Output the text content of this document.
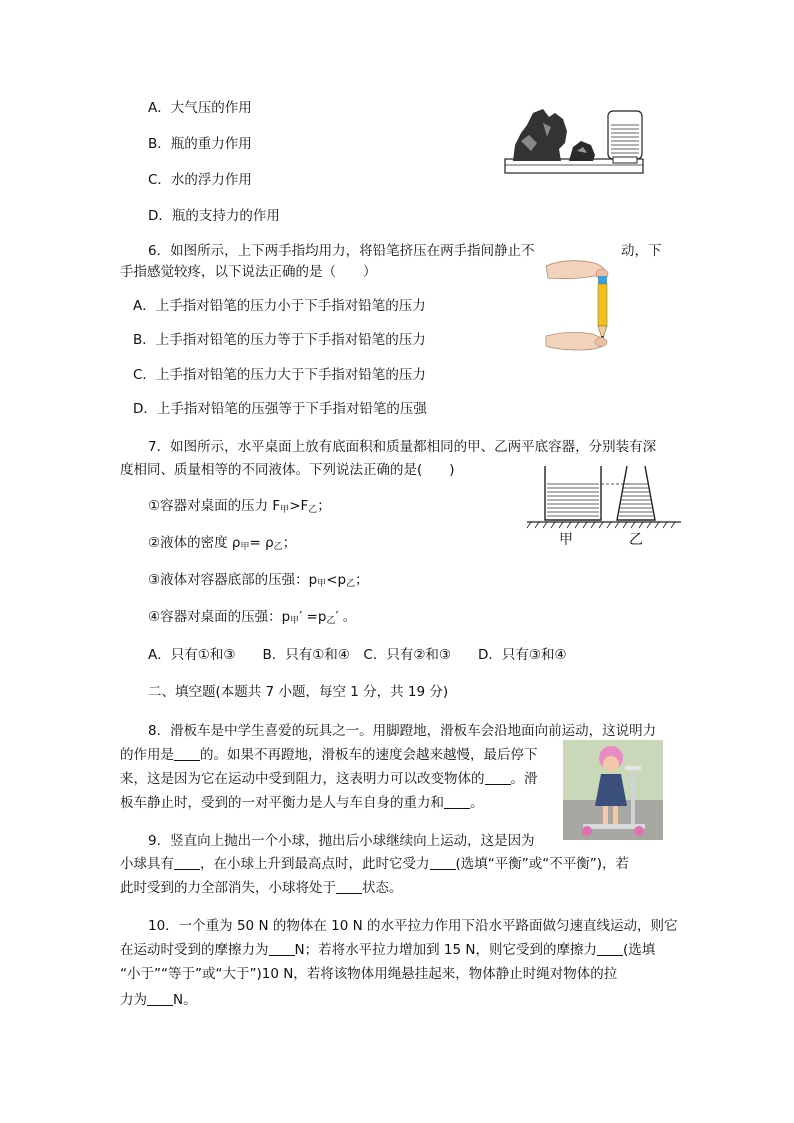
A．大气压的作用
B．瓶的重力作用
C．水的浮力作用
D．瓶的支持力的作用
6．如图所示，上下两手指均用力，将铅笔挤压在两手指间静止不	动，下
手指感觉较疼，以下说法正确的是（　　）
A．上手指对铅笔的压力小于下手指对铅笔的压力
B．上手指对铅笔的压力等于下手指对铅笔的压力
C．上手指对铅笔的压力大于下手指对铅笔的压力
D．上手指对铅笔的压强等于下手指对铅笔的压强
7．如图所示，水平桌面上放有底面积和质量都相同的甲、乙两平底容器，分别装有深
度相同、质量相等的不同液体。下列说法正确的是(　　)
①容器对桌面的压力 $F_甲>F_乙$；
②液体的密度 $\rho_甲= \rho_乙$；
③液体对容器底部的压强：$p_甲<p_乙$；
④容器对桌面的压强：$p_甲' =p_乙'$ 。
A．只有①和③　　B．只有①和④　C．只有②和③　　D．只有③和④
甲	乙
二、填空题(本题共 7 小题，每空 1 分，共 19 分)
8．滑板车是中学生喜爱的玩具之一。用脚蹬地，滑板车会沿地面向前运动，这说明力
的作用是 的。如果不再蹬地，滑板车的速度会越来越慢，最后停下
来，这是因为它在运动中受到阻力，这表明力可以改变物体的 。滑
板车静止时，受到的一对平衡力是人与车自身的重力和 。
9．竖直向上抛出一个小球，抛出后小球继续向上运动，这是因为
小球具有 ，在小球上升到最高点时，此时它受力 (选填“平衡”或“不平衡”)，若
此时受到的力全部消失，小球将处于 状态。
10．一个重为 50 N 的物体在 10 N 的水平拉力作用下沿水平路面做匀速直线运动，则它
在运动时受到的摩擦力为 N；若将水平拉力增加到 15 N，则它受到的摩擦力 (选填
“小于”“等于”或“大于”)10 N，若将该物体用绳悬挂起来，物体静止时绳对物体的拉
力为 N。
